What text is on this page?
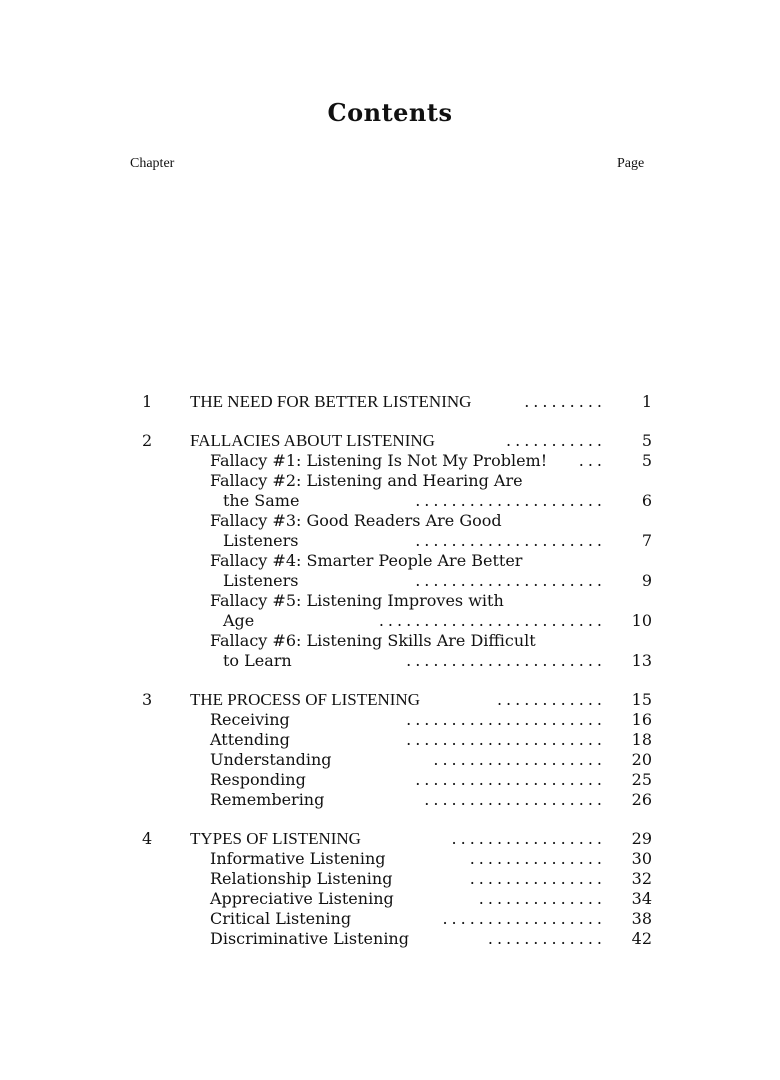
Contents
Chapter	Page
1 THE NEED FOR BETTER LISTENING	......... 1
2 FALLACIES ABOUT LISTENING	........... 5
Fallacy #1: Listening Is Not My Problem!	... 5
Fallacy #2: Listening and Hearing Are
the Same	..................... 6
Fallacy #3: Good Readers Are Good
Listeners	..................... 7
Fallacy #4: Smarter People Are Better
Listeners	..................... 9
Fallacy #5: Listening Improves with
Age	......................... 10
Fallacy #6: Listening Skills Are Difficult
to Learn	...................... 13
3 THE PROCESS OF LISTENING	............ 15
Receiving	...................... 16
Attending	...................... 18
Understanding	................... 20
Responding	..................... 25
Remembering	.................... 26
4 TYPES OF LISTENING	................. 29
Informative Listening	............... 30
Relationship Listening	............... 32
Appreciative Listening	.............. 34
Critical Listening	.................. 38
Discriminative Listening	............. 42
